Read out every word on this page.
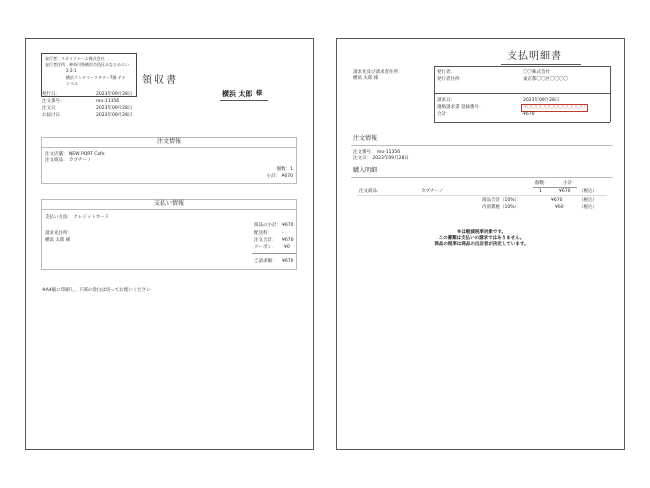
発行者：スカイファーム株式会社
発行者住所：神奈川県横浜市西区みなとみらい
2-2-1
横浜ランドマークタワー7階 テナ
ンベル	領収書
発行日：	2023年09月28日
注文番号：	mo-11356
注文日	2023年09月28日
お届け日	2023年09月28日
横浜 太郎 様
注文情報
注文店舗： NEW PORT Cafe
注文商品： カプチーノ
個数：1
小計： ¥670
支払い情報
支払い方法： クレジットカード
請求先住所：
横浜 太郎 様
商品の小計： ¥670
配送料： -
注文合計： ¥670
クーポン： ¥0
ご請求額： ¥670
※A4縦に印刷し、下部の余白は切ってお使いください
支払明細書
請求先及び請求者住所：
横浜 太郎 様
発行者：	〇〇株式会社
発行者住所：	東京都〇〇区〇〇〇〇
請求日：	2023年09月28日
適格請求書 登録番号：	T〇〇〇〇〇〇〇〇〇〇〇〇〇
合計：	¥670
注文情報
注文番号： mo-11356
注文日： 2023年09月28日
購入明細
個数：	小計：
注文商品：	カプチーノ	1	¥670 （税込）
商品合計（10%）：	¥670	（税込）
内消費税（10%）：	¥60	（税込）
※は軽減税率対象です。
この書類は支払いの請求ではありません。
商品の税率は商品の出店者が決定しています。
